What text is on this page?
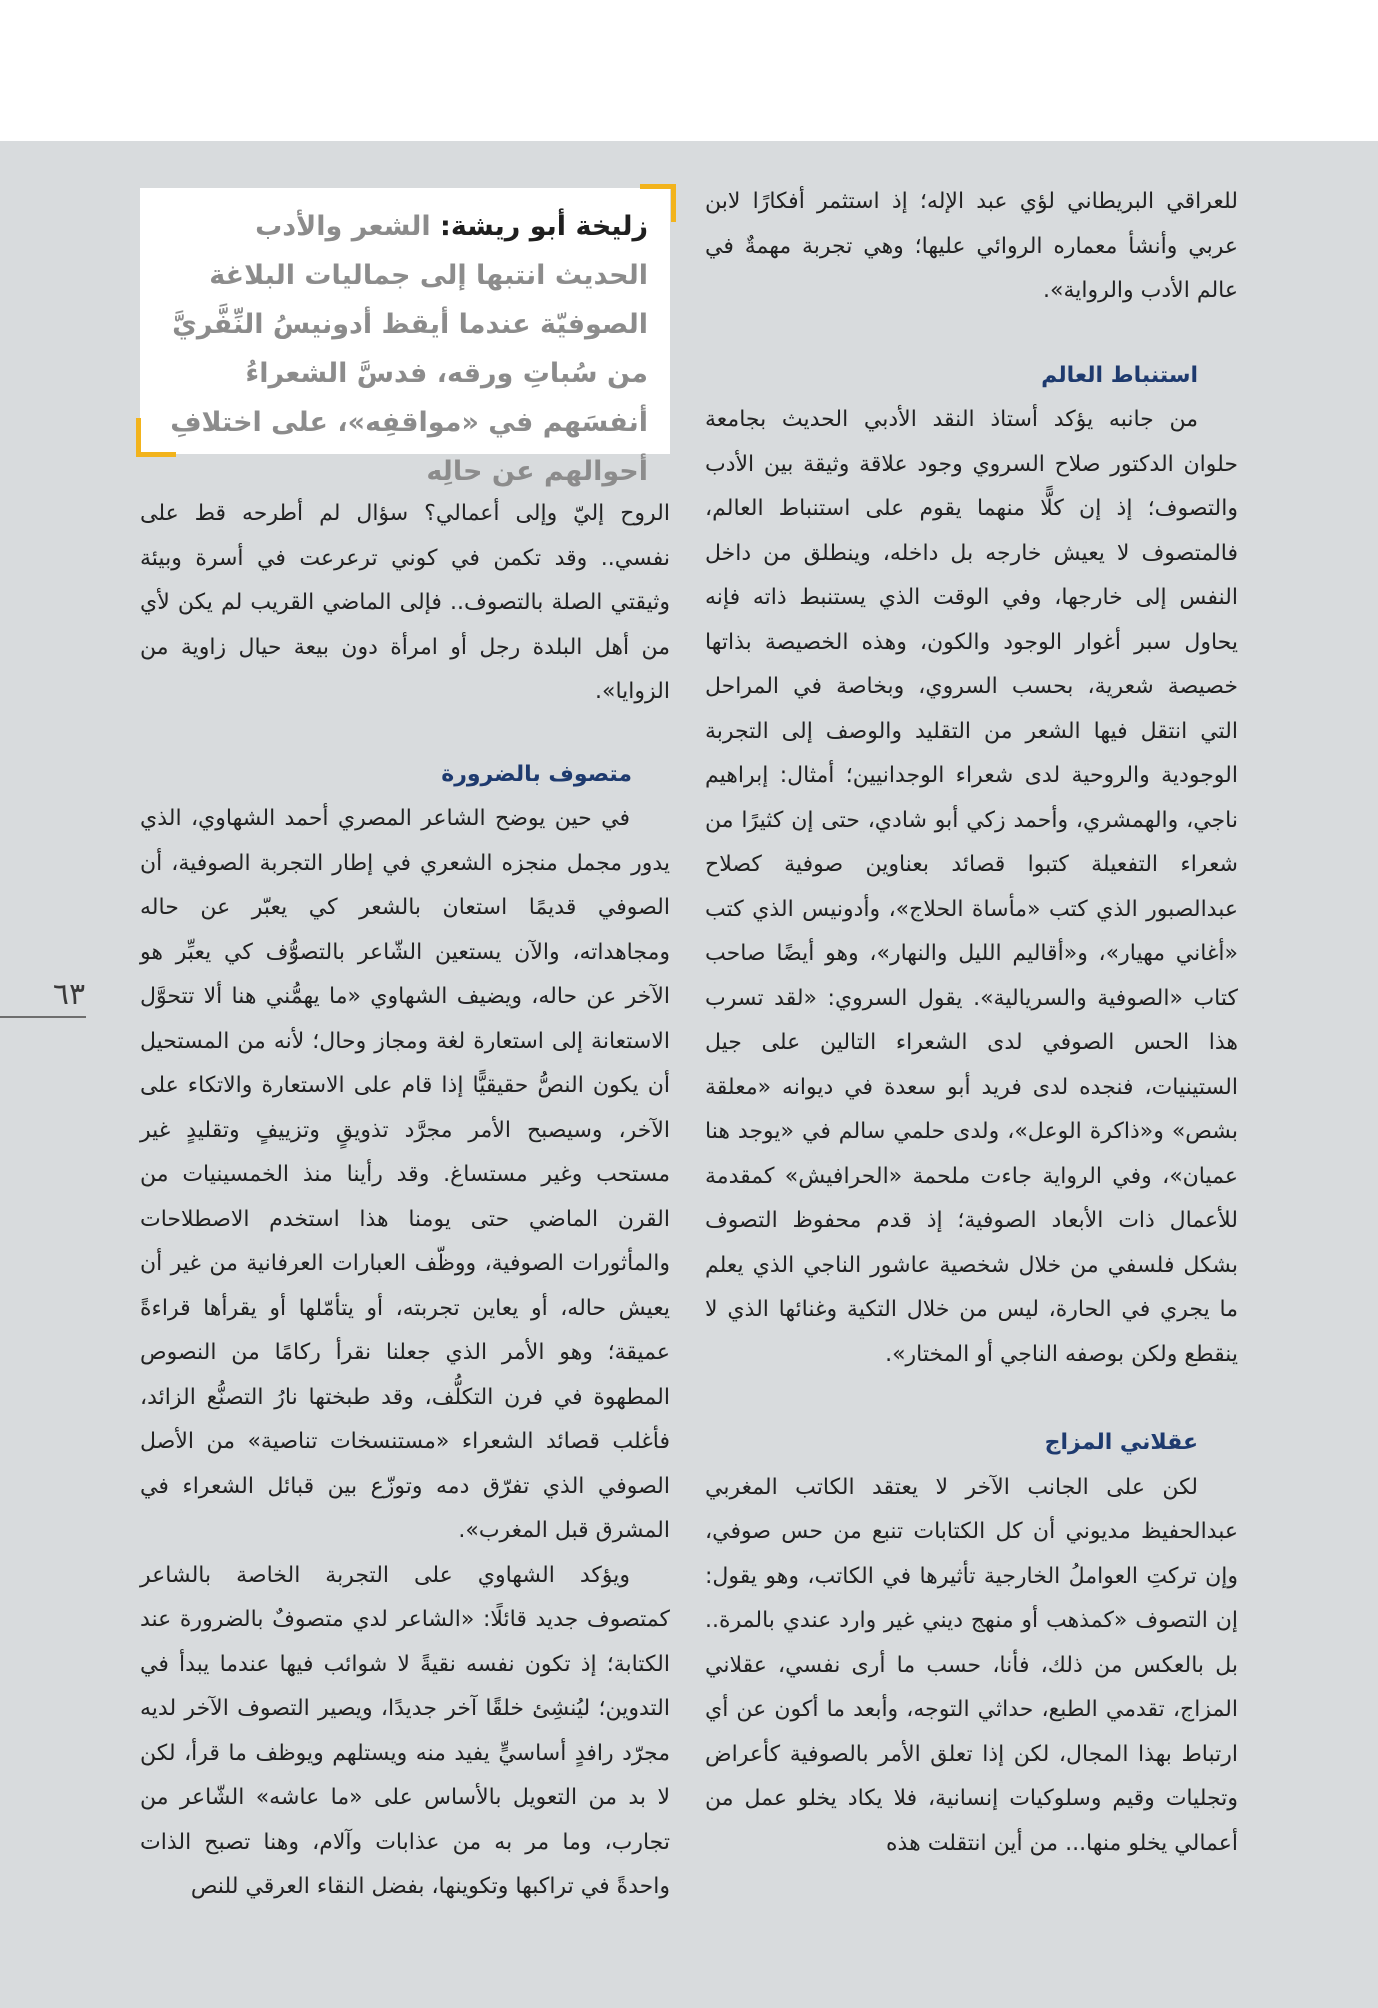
للعراقي البريطاني لؤي عبد الإله؛ إذ استثمر أفكارًا لابن عربي وأنشأ معماره الروائي عليها؛ وهي تجربة مهمةٌ في عالم الأدب والرواية».

استنباط العالم

من جانبه يؤكد أستاذ النقد الأدبي الحديث بجامعة حلوان الدكتور صلاح السروي وجود علاقة وثيقة بين الأدب والتصوف؛ إذ إن كلًّا منهما يقوم على استنباط العالم، فالمتصوف لا يعيش خارجه بل داخله، وينطلق من داخل النفس إلى خارجها، وفي الوقت الذي يستنبط ذاته فإنه يحاول سبر أغوار الوجود والكون، وهذه الخصيصة بذاتها خصيصة شعرية، بحسب السروي، وبخاصة في المراحل التي انتقل فيها الشعر من التقليد والوصف إلى التجربة الوجودية والروحية لدى شعراء الوجدانيين؛ أمثال: إبراهيم ناجي، والهمشري، وأحمد زكي أبو شادي، حتى إن كثيرًا من شعراء التفعيلة كتبوا قصائد بعناوين صوفية كصلاح عبدالصبور الذي كتب «مأساة الحلاج»، وأدونيس الذي كتب «أغاني مهيار»، و«أقاليم الليل والنهار»، وهو أيضًا صاحب كتاب «الصوفية والسريالية». يقول السروي: «لقد تسرب هذا الحس الصوفي لدى الشعراء التالين على جيل الستينيات، فنجده لدى فريد أبو سعدة في ديوانه «معلقة بشص» و«ذاكرة الوعل»، ولدى حلمي سالم في «يوجد هنا عميان»، وفي الرواية جاءت ملحمة «الحرافيش» كمقدمة للأعمال ذات الأبعاد الصوفية؛ إذ قدم محفوظ التصوف بشكل فلسفي من خلال شخصية عاشور الناجي الذي يعلم ما يجري في الحارة، ليس من خلال التكية وغنائها الذي لا ينقطع ولكن بوصفه الناجي أو المختار».

عقلاني المزاج

لكن على الجانب الآخر لا يعتقد الكاتب المغربي عبدالحفيظ مديوني أن كل الكتابات تنبع من حس صوفي، وإن تركتِ العواملُ الخارجية تأثيرها في الكاتب، وهو يقول: إن التصوف «كمذهب أو منهج ديني غير وارد عندي بالمرة.. بل بالعكس من ذلك، فأنا، حسب ما أرى نفسي، عقلاني المزاج، تقدمي الطبع، حداثي التوجه، وأبعد ما أكون عن أي ارتباط بهذا المجال، لكن إذا تعلق الأمر بالصوفية كأعراض وتجليات وقيم وسلوكيات إنسانية، فلا يكاد يخلو عمل من أعمالي يخلو منها... من أين انتقلت هذه

زليخة أبو ريشة: الشعر والأدب الحديث انتبها إلى جماليات البلاغة الصوفيّة عندما أيقظ أدونيسُ النِّفَّريَّ من سُباتِ ورقه، فدسَّ الشعراءُ أنفسَهم في «مواقفِه»، على اختلافِ أحوالهم عن حالِه

الروح إليّ وإلى أعمالي؟ سؤال لم أطرحه قط على نفسي.. وقد تكمن في كوني ترعرعت في أسرة وبيئة وثيقتي الصلة بالتصوف.. فإلى الماضي القريب لم يكن لأي من أهل البلدة رجل أو امرأة دون بيعة حيال زاوية من الزوايا».

متصوف بالضرورة

في حين يوضح الشاعر المصري أحمد الشهاوي، الذي يدور مجمل منجزه الشعري في إطار التجربة الصوفية، أن الصوفي قديمًا استعان بالشعر كي يعبّر عن حاله ومجاهداته، والآن يستعين الشّاعر بالتصوُّف كي يعبِّر هو الآخر عن حاله، ويضيف الشهاوي «ما يهمُّني هنا ألا تتحوَّل الاستعانة إلى استعارة لغة ومجاز وحال؛ لأنه من المستحيل أن يكون النصُّ حقيقيًّا إذا قام على الاستعارة والاتكاء على الآخر، وسيصبح الأمر مجرَّد تذويقٍ وتزييفٍ وتقليدٍ غير مستحب وغير مستساغ. وقد رأينا منذ الخمسينيات من القرن الماضي حتى يومنا هذا استخدم الاصطلاحات والمأثورات الصوفية، ووظّف العبارات العرفانية من غير أن يعيش حاله، أو يعاين تجربته، أو يتأمّلها أو يقرأها قراءةً عميقة؛ وهو الأمر الذي جعلنا نقرأ ركامًا من النصوص المطهوة في فرن التكلُّف، وقد طبختها نارُ التصنُّع الزائد، فأغلب قصائد الشعراء «مستنسخات تناصية» من الأصل الصوفي الذي تفرّق دمه وتوزّع بين قبائل الشعراء في المشرق قبل المغرب».

ويؤكد الشهاوي على التجربة الخاصة بالشاعر كمتصوف جديد قائلًا: «الشاعر لدي متصوفٌ بالضرورة عند الكتابة؛ إذ تكون نفسه نقيةً لا شوائب فيها عندما يبدأ في التدوين؛ ليُنشِئ خلقًا آخر جديدًا، ويصير التصوف الآخر لديه مجرّد رافدٍ أساسيٍّ يفيد منه ويستلهم ويوظف ما قرأ، لكن لا بد من التعويل بالأساس على «ما عاشه» الشّاعر من تجارب، وما مر به من عذابات وآلام، وهنا تصبح الذات واحدةً في تراكبها وتكوينها، بفضل النقاء العرقي للنص

٦٣
